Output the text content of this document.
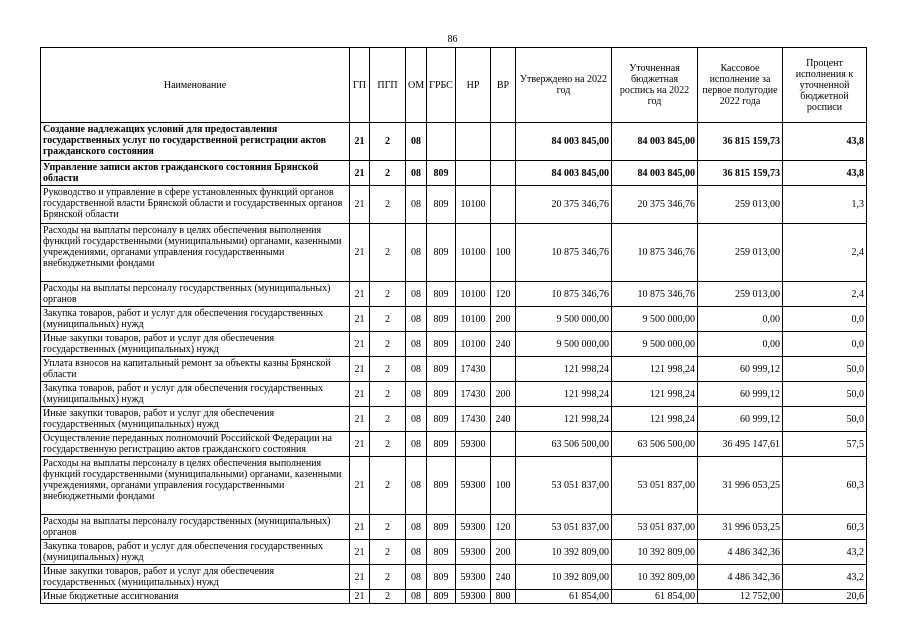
86
Наименование	ГП	ПГП	ОМ	ГРБС	НР	ВР	Утверждено на 2022 год	Уточненная бюджетная роспись на 2022 год	Кассовое исполнение за первое полугодие 2022 года	Процент исполнения к уточненной бюджетной росписи
Создание надлежащих условий для предоставления государственных услуг по государственной регистрации актов гражданского состояния	21	2	08				84 003 845,00	84 003 845,00	36 815 159,73	43,8
Управление записи актов гражданского состояния Брянской области	21	2	08	809			84 003 845,00	84 003 845,00	36 815 159,73	43,8
Руководство и управление в сфере установленных функций органов государственной власти Брянской области и государственных органов Брянской области	21	2	08	809	10100		20 375 346,76	20 375 346,76	259 013,00	1,3
Расходы на выплаты персоналу в целях обеспечения выполнения функций государственными (муниципальными) органами, казенными учреждениями, органами управления государственными внебюджетными фондами	21	2	08	809	10100	100	10 875 346,76	10 875 346,76	259 013,00	2,4
Расходы на выплаты персоналу государственных (муниципальных) органов	21	2	08	809	10100	120	10 875 346,76	10 875 346,76	259 013,00	2,4
Закупка товаров, работ и услуг для обеспечения государственных (муниципальных) нужд	21	2	08	809	10100	200	9 500 000,00	9 500 000,00	0,00	0,0
Иные закупки товаров, работ и услуг для обеспечения государственных (муниципальных) нужд	21	2	08	809	10100	240	9 500 000,00	9 500 000,00	0,00	0,0
Уплата взносов на капитальный ремонт за объекты казны Брянской области	21	2	08	809	17430		121 998,24	121 998,24	60 999,12	50,0
Закупка товаров, работ и услуг для обеспечения государственных (муниципальных) нужд	21	2	08	809	17430	200	121 998,24	121 998,24	60 999,12	50,0
Иные закупки товаров, работ и услуг для обеспечения государственных (муниципальных) нужд	21	2	08	809	17430	240	121 998,24	121 998,24	60 999,12	50,0
Осуществление переданных полномочий Российской Федерации на государственную регистрацию актов гражданского состояния	21	2	08	809	59300		63 506 500,00	63 506 500,00	36 495 147,61	57,5
Расходы на выплаты персоналу в целях обеспечения выполнения функций государственными (муниципальными) органами, казенными учреждениями, органами управления государственными внебюджетными фондами	21	2	08	809	59300	100	53 051 837,00	53 051 837,00	31 996 053,25	60,3
Расходы на выплаты персоналу государственных (муниципальных) органов	21	2	08	809	59300	120	53 051 837,00	53 051 837,00	31 996 053,25	60,3
Закупка товаров, работ и услуг для обеспечения государственных (муниципальных) нужд	21	2	08	809	59300	200	10 392 809,00	10 392 809,00	4 486 342,36	43,2
Иные закупки товаров, работ и услуг для обеспечения государственных (муниципальных) нужд	21	2	08	809	59300	240	10 392 809,00	10 392 809,00	4 486 342,36	43,2
Иные бюджетные ассигнования	21	2	08	809	59300	800	61 854,00	61 854,00	12 752,00	20,6
